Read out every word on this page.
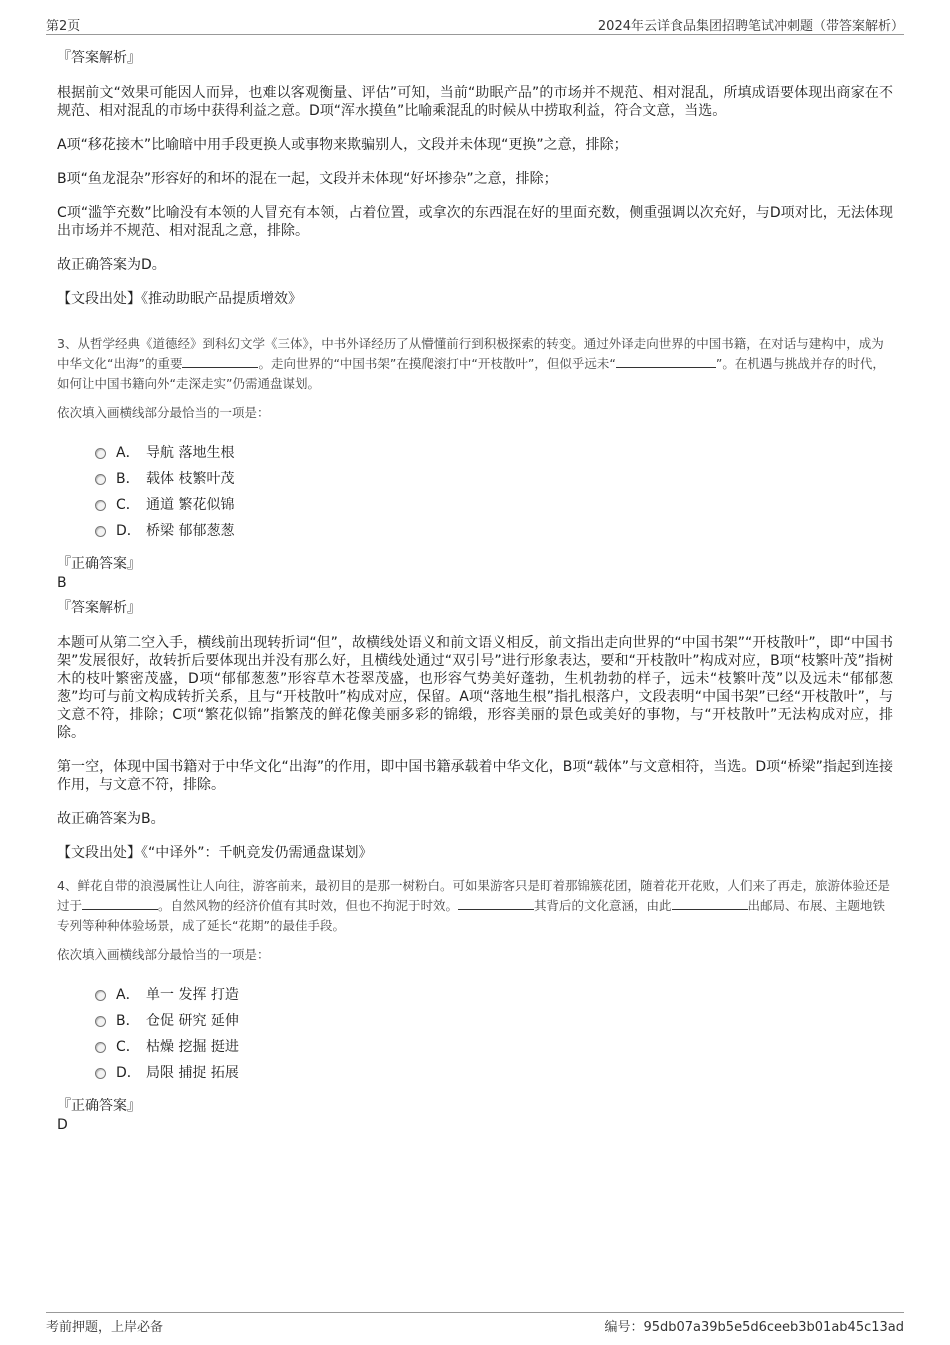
第2页	2024年云详食品集团招聘笔试冲刺题（带答案解析）
『答案解析』

根据前文“效果可能因人而异，也难以客观衡量、评估”可知，当前“助眠产品”的市场并不规范、相对混乱，所填成语要体现出商家在不规范、相对混乱的市场中获得利益之意。D项“浑水摸鱼”比喻乘混乱的时候从中捞取利益，符合文意，当选。

A项“移花接木”比喻暗中用手段更换人或事物来欺骗别人，文段并未体现“更换”之意，排除；

B项“鱼龙混杂”形容好的和坏的混在一起，文段并未体现“好坏掺杂”之意，排除；

C项“滥竽充数”比喻没有本领的人冒充有本领，占着位置，或拿次的东西混在好的里面充数，侧重强调以次充好，与D项对比，无法体现出市场并不规范、相对混乱之意，排除。

故正确答案为D。

【文段出处】《推动助眠产品提质增效》

3、从哲学经典《道德经》到科幻文学《三体》，中书外译经历了从懵懂前行到积极探索的转变。通过外译走向世界的中国书籍，在对话与建构中，成为中华文化“出海”的重要	。走向世界的“中国书架”在摸爬滚打中“开枝散叶”，但似乎远未“	”。在机遇与挑战并存的时代，如何让中国书籍向外“走深走实”仍需通盘谋划。

依次填入画横线部分最恰当的一项是：

A． 导航 落地生根
B． 载体 枝繁叶茂
C． 通道 繁花似锦
D． 桥梁 郁郁葱葱

『正确答案』

B

『答案解析』

本题可从第二空入手，横线前出现转折词“但”，故横线处语义和前文语义相反，前文指出走向世界的“中国书架”“开枝散叶”，即“中国书架”发展很好，故转折后要体现出并没有那么好，且横线处通过“双引号”进行形象表达，要和“开枝散叶”构成对应，B项“枝繁叶茂”指树木的枝叶繁密茂盛，D项“郁郁葱葱”形容草木苍翠茂盛，也形容气势美好蓬勃，生机勃勃的样子，远未“枝繁叶茂”以及远未“郁郁葱葱”均可与前文构成转折关系，且与“开枝散叶”构成对应，保留。A项“落地生根”指扎根落户，文段表明“中国书架”已经“开枝散叶”，与文意不符，排除；C项“繁花似锦”指繁茂的鲜花像美丽多彩的锦缎，形容美丽的景色或美好的事物，与“开枝散叶”无法构成对应，排除。

第一空，体现中国书籍对于中华文化“出海”的作用，即中国书籍承载着中华文化，B项“载体”与文意相符，当选。D项“桥梁”指起到连接作用，与文意不符，排除。

故正确答案为B。

【文段出处】《“中译外”：千帆竞发仍需通盘谋划》

4、鲜花自带的浪漫属性让人向往，游客前来，最初目的是那一树粉白。可如果游客只是盯着那锦簇花团，随着花开花败，人们来了再走，旅游体验还是过于	。自然风物的经济价值有其时效，但也不拘泥于时效。	其背后的文化意涵，由此	出邮局、布展、主题地铁专列等种种体验场景，成了延长“花期”的最佳手段。

依次填入画横线部分最恰当的一项是：

A． 单一 发挥 打造
B． 仓促 研究 延伸
C． 枯燥 挖掘 挺进
D． 局限 捕捉 拓展

『正确答案』

D

考前押题，上岸必备	编号：95db07a39b5e5d6ceeb3b01ab45c13ad
